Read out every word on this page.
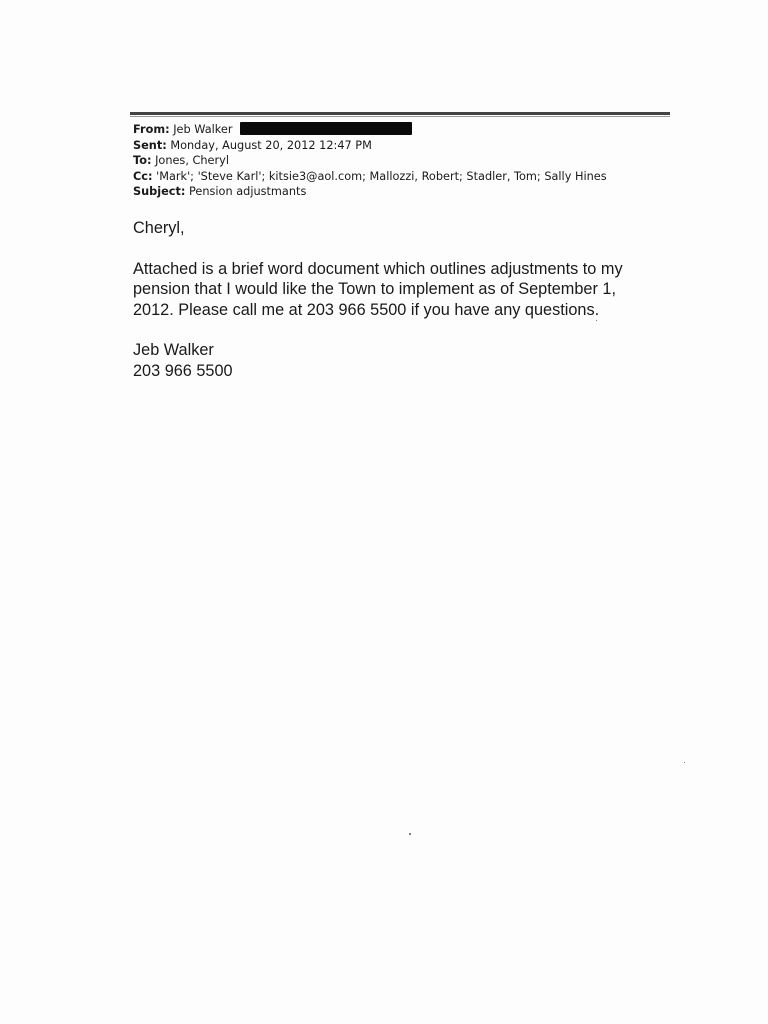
From: Jeb Walker
Sent: Monday, August 20, 2012 12:47 PM
To: Jones, Cheryl
Cc: 'Mark'; 'Steve Karl'; kitsie3@aol.com; Mallozzi, Robert; Stadler, Tom; Sally Hines
Subject: Pension adjustmants

Cheryl,

Attached is a brief word document which outlines adjustments to my

pension that I would like the Town to implement as of September 1,

2012. Please call me at 203 966 5500 if you have any questions.

Jeb Walker

203 966 5500
